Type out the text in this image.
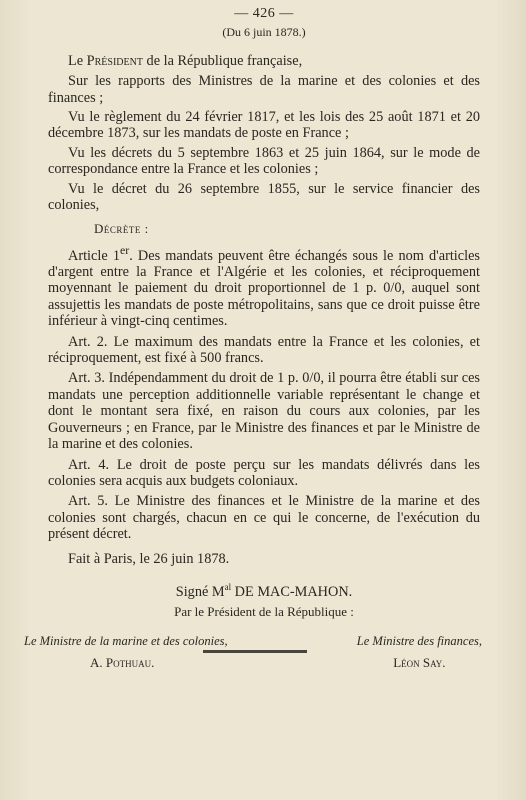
— 426 —
(Du 6 juin 1878.)
Le Président de la République française,

Sur les rapports des Ministres de la marine et des colonies et des finances ;

Vu le règlement du 24 février 1817, et les lois des 25 août 1871 et 20 décembre 1873, sur les mandats de poste en France ;

Vu les décrets du 5 septembre 1863 et 25 juin 1864, sur le mode de correspondance entre la France et les colonies ;

Vu le décret du 26 septembre 1855, sur le service financier des colonies,

Décrète :

Article 1er. Des mandats peuvent être échangés sous le nom d'articles d'argent entre la France et l'Algérie et les colonies, et réciproquement moyennant le paiement du droit proportionnel de 1 p. 0/0, auquel sont assujettis les mandats de poste métropolitains, sans que ce droit puisse être inférieur à vingt-cinq centimes.

Art. 2. Le maximum des mandats entre la France et les colonies, et réciproquement, est fixé à 500 francs.

Art. 3. Indépendamment du droit de 1 p. 0/0, il pourra être établi sur ces mandats une perception additionnelle variable représentant le change et dont le montant sera fixé, en raison du cours aux colonies, par les Gouverneurs ; en France, par le Ministre des finances et par le Ministre de la marine et des colonies.

Art. 4. Le droit de poste perçu sur les mandats délivrés dans les colonies sera acquis aux budgets coloniaux.

Art. 5. Le Ministre des finances et le Ministre de la marine et des colonies sont chargés, chacun en ce qui le concerne, de l'exécution du présent décret.

Fait à Paris, le 26 juin 1878.
Signé $M^{al}$ DE MAC-MAHON.
Par le Président de la République :
Le Ministre de la marine et des colonies,
A. Pothuau.
Le Ministre des finances,
Léon Say.
